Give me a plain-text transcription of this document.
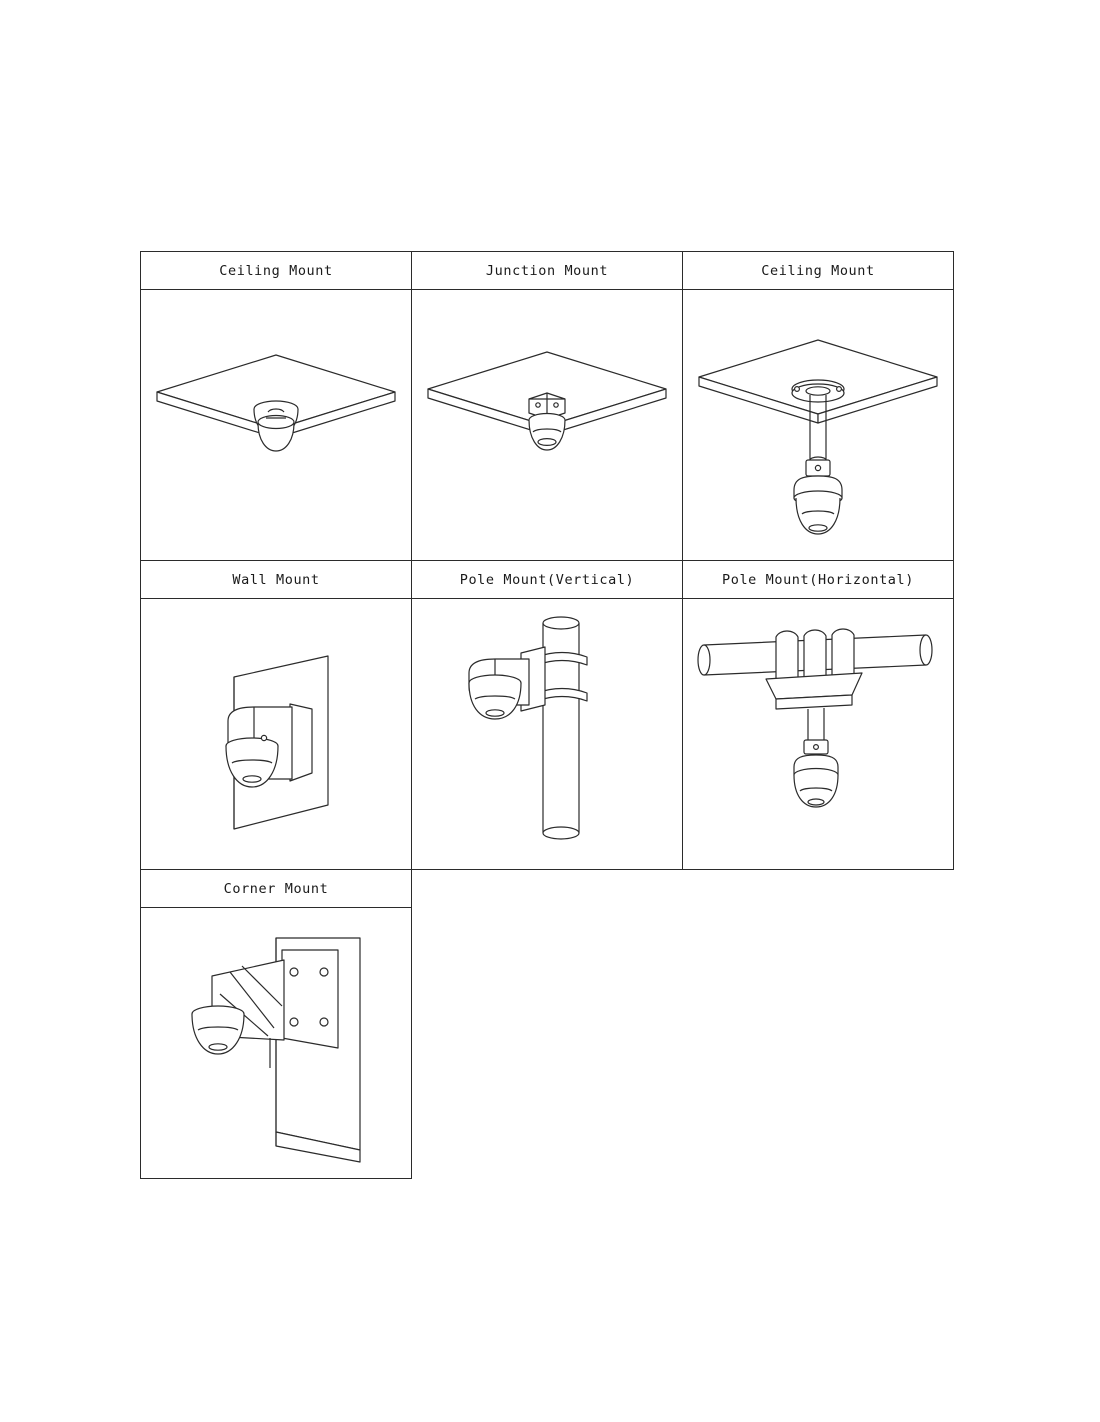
Ceiling Mount	Junction Mount	Ceiling Mount
Wall Mount	Pole Mount(Vertical)	Pole Mount(Horizontal)
Corner Mount
